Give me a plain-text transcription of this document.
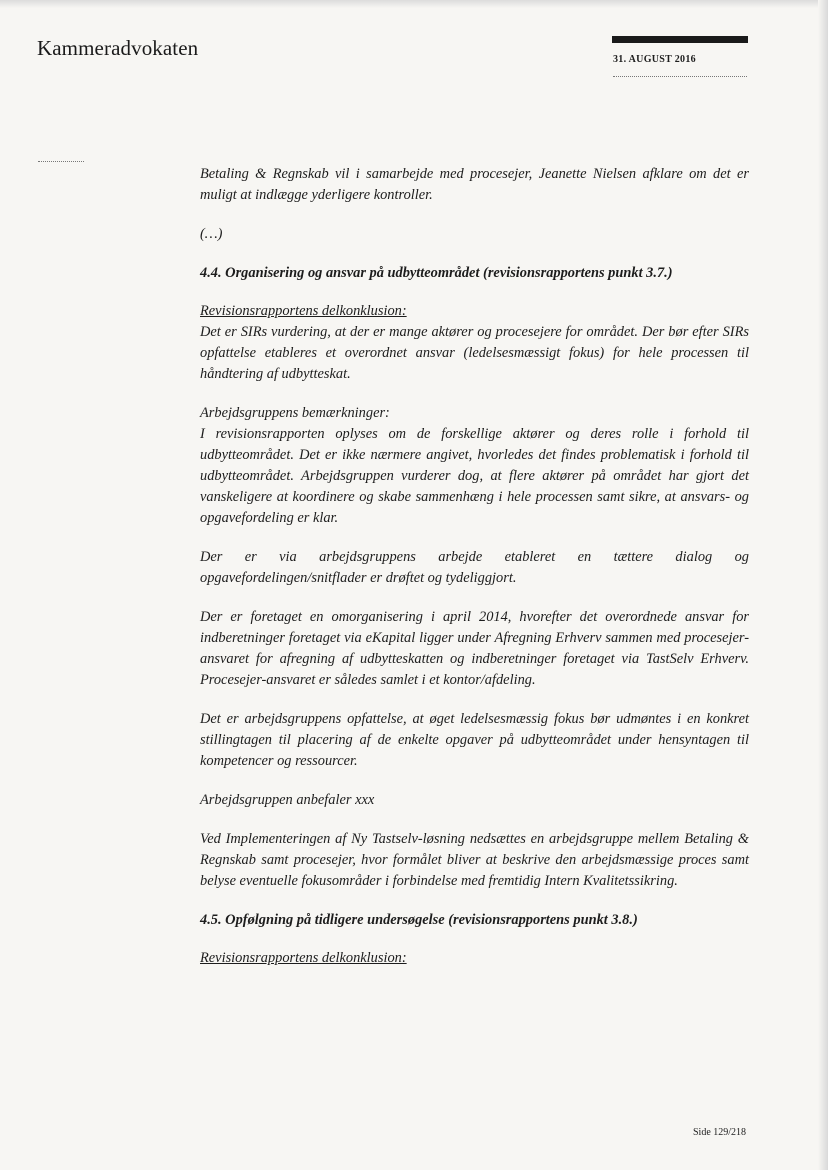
Kammeradvokaten	31. AUGUST 2016

Betaling & Regnskab vil i samarbejde med procesejer, Jeanette Nielsen afklare om det er muligt at indlægge yderligere kontroller.

(…)

4.4. Organisering og ansvar på udbytteområdet (revisionsrapportens punkt 3.7.)

Revisionsrapportens delkonklusion:

Det er SIRs vurdering, at der er mange aktører og procesejere for området. Der bør efter SIRs opfattelse etableres et overordnet ansvar (ledelsesmæssigt fokus) for hele processen til håndtering af udbytteskat.

Arbejdsgruppens bemærkninger:

I revisionsrapporten oplyses om de forskellige aktører og deres rolle i forhold til udbytteområdet. Det er ikke nærmere angivet, hvorledes det findes problematisk i forhold til udbytteområdet. Arbejdsgruppen vurderer dog, at flere aktører på området har gjort det vanskeligere at koordinere og skabe sammenhæng i hele processen samt sikre, at ansvars- og opgavefordeling er klar.

Der er via arbejdsgruppens arbejde etableret en tættere dialog og opgavefordelingen/snitflader er drøftet og tydeliggjort.

Der er foretaget en omorganisering i april 2014, hvorefter det overordnede ansvar for indberetninger foretaget via eKapital ligger under Afregning Erhverv sammen med procesejer-ansvaret for afregning af udbytteskatten og indberetninger foretaget via TastSelv Erhverv. Procesejer-ansvaret er således samlet i et kontor/afdeling.

Det er arbejdsgruppens opfattelse, at øget ledelsesmæssig fokus bør udmøntes i en konkret stillingtagen til placering af de enkelte opgaver på udbytteområdet under hensyntagen til kompetencer og ressourcer.

Arbejdsgruppen anbefaler xxx

Ved Implementeringen af Ny Tastselv-løsning nedsættes en arbejdsgruppe mellem Betaling & Regnskab samt procesejer, hvor formålet bliver at beskrive den arbejdsmæssige proces samt belyse eventuelle fokusområder i forbindelse med fremtidig Intern Kvalitetssikring.

4.5. Opfølgning på tidligere undersøgelse (revisionsrapportens punkt 3.8.)

Revisionsrapportens delkonklusion:

Side 129/218
